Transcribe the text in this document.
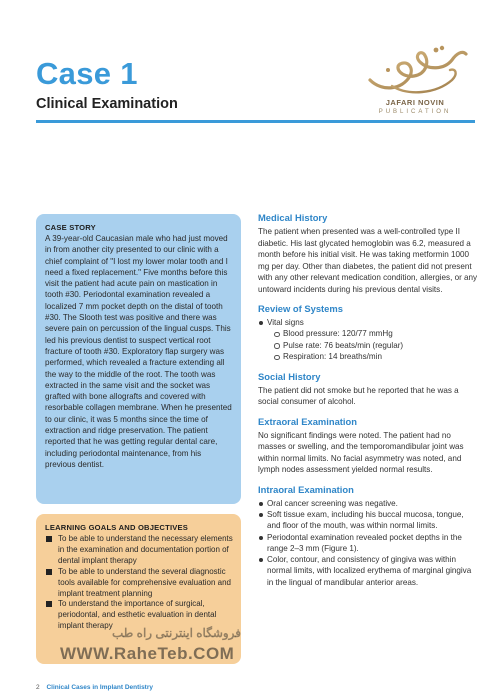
Case 1
Clinical Examination	JAFARI NOVIN
PUBLICATION
CASE STORY

A 39-year-old Caucasian male who had just moved in from another city presented to our clinic with a chief complaint of "I lost my lower molar tooth and I need a fixed replacement." Five months before this visit the patient had acute pain on mastication in tooth #30. Periodontal examination revealed a localized 7 mm pocket depth on the distal of tooth #30. The Slooth test was positive and there was severe pain on percussion of the lingual cusps. This led his previous dentist to suspect vertical root fracture of tooth #30. Exploratory flap surgery was performed, which revealed a fracture extending all the way to the middle of the root. The tooth was extracted in the same visit and the socket was grafted with bone allografts and covered with resorbable collagen membrane. When he presented to our clinic, it was 5 months since the time of extraction and ridge preservation. The patient reported that he was getting regular dental care, including periodontal maintenance, from his previous dentist.

LEARNING GOALS AND OBJECTIVES
To be able to understand the necessary elements in the examination and documentation portion of dental implant therapy
To be able to understand the several diagnostic tools available for comprehensive evaluation and implant treatment planning
To understand the importance of surgical, periodontal, and esthetic evaluation in dental implant therapy
Medical History

The patient when presented was a well-controlled type II diabetic. His last glycated hemoglobin was 6.2, measured a month before his initial visit. He was taking metformin 1000 mg per day. Other than diabetes, the patient did not present with any other relevant medication condition, allergies, or any untoward incidents during his previous dental visits.

Review of Systems
Vital signs
Blood pressure: 120/77 mmHg
Pulse rate: 76 beats/min (regular)
Respiration: 14 breaths/min
Social History

The patient did not smoke but he reported that he was a social consumer of alcohol.

Extraoral Examination

No significant findings were noted. The patient had no masses or swelling, and the temporomandibular joint was within normal limits. No facial asymmetry was noted, and lymph nodes assessment yielded normal results.

Intraoral Examination
Oral cancer screening was negative.
Soft tissue exam, including his buccal mucosa, tongue, and floor of the mouth, was within normal limits.
Periodontal examination revealed pocket depths in the range 2–3 mm (Figure 1).
Color, contour, and consistency of gingiva was within normal limits, with localized erythema of marginal gingiva in the lingual of mandibular anterior areas.
فروشگاه اینترنتی راه طب
WWW.RaheTeb.COM
2 Clinical Cases in Implant Dentistry
